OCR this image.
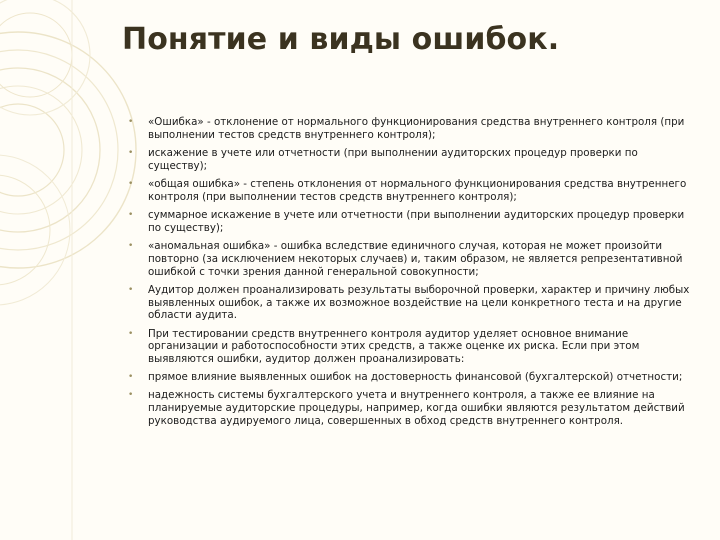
Понятие и виды ошибок.
• «Ошибка» - отклонение от нормального функционирования средства внутреннего контроля (при выполнении тестов средств внутреннего контроля);
• искажение в учете или отчетности (при выполнении аудиторских процедур проверки по существу);
• «общая ошибка» - степень отклонения от нормального функционирования средства внутреннего контроля (при выполнении тестов средств внутреннего контроля);
• суммарное искажение в учете или отчетности (при выполнении аудиторских процедур проверки по существу);
• «аномальная ошибка» - ошибка вследствие единичного случая, которая не может произойти повторно (за исключением некоторых случаев) и, таким образом, не является репрезентативной ошибкой с точки зрения данной генеральной совокупности;
• Аудитор должен проанализировать результаты выборочной проверки, характер и причину любых выявленных ошибок, а также их возможное воздействие на цели конкретного теста и на другие области аудита.
• При тестировании средств внутреннего контроля аудитор уделяет основное внимание организации и работоспособности этих средств, а также оценке их риска. Если при этом выявляются ошибки, аудитор должен проанализировать:
• прямое влияние выявленных ошибок на достоверность финансовой (бухгалтерской) отчетности;
• надежность системы бухгалтерского учета и внутреннего контроля, а также ее влияние на планируемые аудиторские процедуры, например, когда ошибки являются результатом действий руководства аудируемого лица, совершенных в обход средств внутреннего контроля.
